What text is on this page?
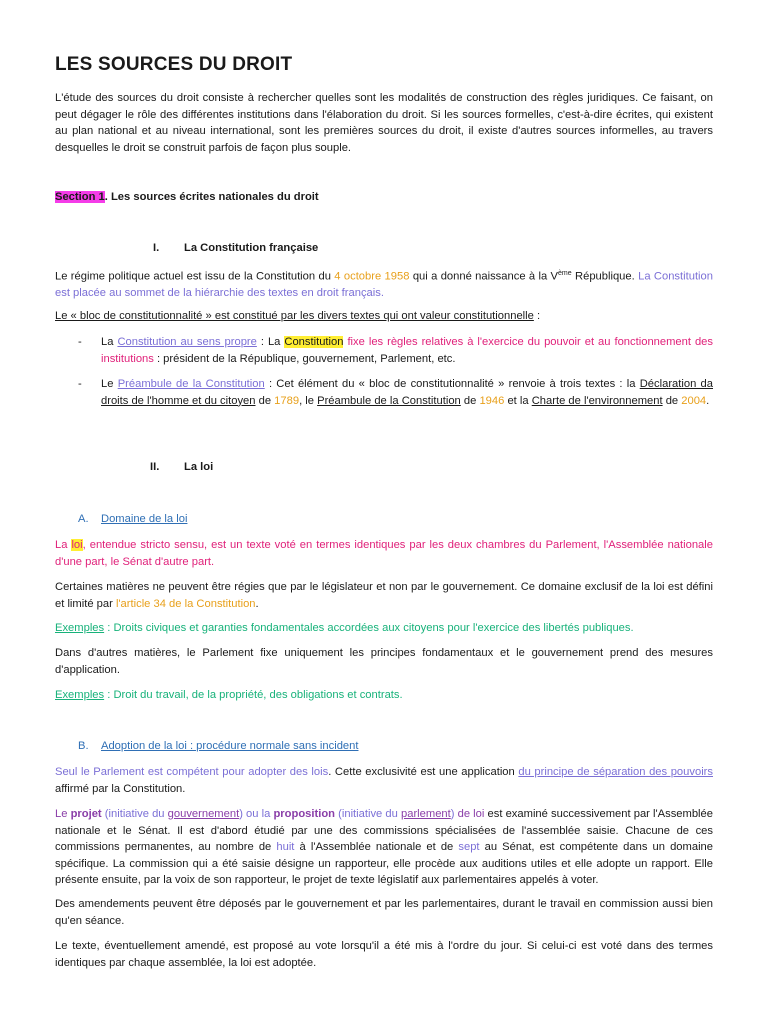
LES SOURCES DU DROIT
L'étude des sources du droit consiste à rechercher quelles sont les modalités de construction des règles juridiques. Ce faisant, on peut dégager le rôle des différentes institutions dans l'élaboration du droit. Si les sources formelles, c'est-à-dire écrites, qui existent au plan national et au niveau international, sont les premières sources du droit, il existe d'autres sources informelles, au travers desquelles le droit se construit parfois de façon plus souple.
Section 1. Les sources écrites nationales du droit
I. La Constitution française
Le régime politique actuel est issu de la Constitution du 4 octobre 1958 qui a donné naissance à la Vème République. La Constitution est placée au sommet de la hiérarchie des textes en droit français.
Le « bloc de constitutionnalité » est constitué par les divers textes qui ont valeur constitutionnelle :
- La Constitution au sens propre : La Constitution fixe les règles relatives à l'exercice du pouvoir et au fonctionnement des institutions : président de la République, gouvernement, Parlement, etc.
- Le Préambule de la Constitution : Cet élément du « bloc de constitutionnalité » renvoie à trois textes : la Déclaration da droits de l'homme et du citoyen de 1789, le Préambule de la Constitution de 1946 et la Charte de l'environnement de 2004.
II. La loi
A.	Domaine de la loi
La loi, entendue stricto sensu, est un texte voté en termes identiques par les deux chambres du Parlement, l'Assemblée nationale d'une part, le Sénat d'autre part.
Certaines matières ne peuvent être régies que par le législateur et non par le gouvernement. Ce domaine exclusif de la loi est défini et limité par l'article 34 de la Constitution.
Exemples : Droits civiques et garanties fondamentales accordées aux citoyens pour l'exercice des libertés publiques.
Dans d'autres matières, le Parlement fixe uniquement les principes fondamentaux et le gouvernement prend des mesures d'application.
Exemples : Droit du travail, de la propriété, des obligations et contrats.
B.	Adoption de la loi : procédure normale sans incident
Seul le Parlement est compétent pour adopter des lois. Cette exclusivité est une application du principe de séparation des pouvoirs affirmé par la Constitution.
Le projet (initiative du gouvernement) ou la proposition (initiative du parlement) de loi est examiné successivement par l'Assemblée nationale et le Sénat. Il est d'abord étudié par une des commissions spécialisées de l'assemblée saisie. Chacune de ces commissions permanentes, au nombre de huit à l'Assemblée nationale et de sept au Sénat, est compétente dans un domaine spécifique. La commission qui a été saisie désigne un rapporteur, elle procède aux auditions utiles et elle adopte un rapport. Elle présente ensuite, par la voix de son rapporteur, le projet de texte législatif aux parlementaires appelés à voter.
Des amendements peuvent être déposés par le gouvernement et par les parlementaires, durant le travail en commission aussi bien qu'en séance.
Le texte, éventuellement amendé, est proposé au vote lorsqu'il a été mis à l'ordre du jour. Si celui-ci est voté dans des termes identiques par chaque assemblée, la loi est adoptée.
